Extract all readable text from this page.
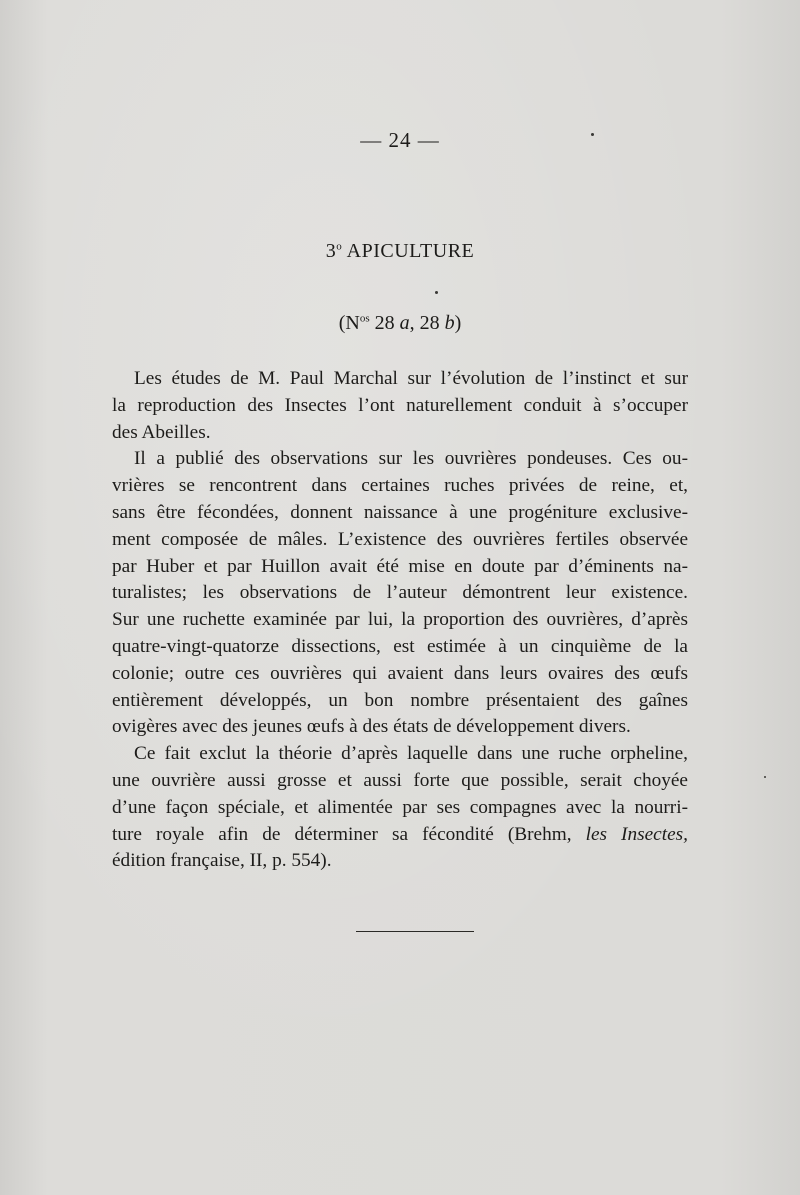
— 24 —
3$^o$ APICULTURE
($N^{os}$ 28 a, 28 b)
Les études de M. Paul Marchal sur l’évolution de l’instinct et sur
la reproduction des Insectes l’ont naturellement conduit à s’occuper
des Abeilles.
Il a publié des observations sur les ouvrières pondeuses. Ces ou-
vrières se rencontrent dans certaines ruches privées de reine, et,
sans être fécondées, donnent naissance à une progéniture exclusive-
ment composée de mâles. L’existence des ouvrières fertiles observée
par Huber et par Huillon avait été mise en doute par d’éminents na-
turalistes; les observations de l’auteur démontrent leur existence.
Sur une ruchette examinée par lui, la proportion des ouvrières, d’après
quatre-vingt-quatorze dissections, est estimée à un cinquième de la
colonie; outre ces ouvrières qui avaient dans leurs ovaires des œufs
entièrement développés, un bon nombre présentaient des gaînes
ovigères avec des jeunes œufs à des états de développement divers.
Ce fait exclut la théorie d’après laquelle dans une ruche orpheline,
une ouvrière aussi grosse et aussi forte que possible, serait choyée
d’une façon spéciale, et alimentée par ses compagnes avec la nourri-
ture royale afin de déterminer sa fécondité (Brehm, les Insectes,
édition française, II, p. 554).
